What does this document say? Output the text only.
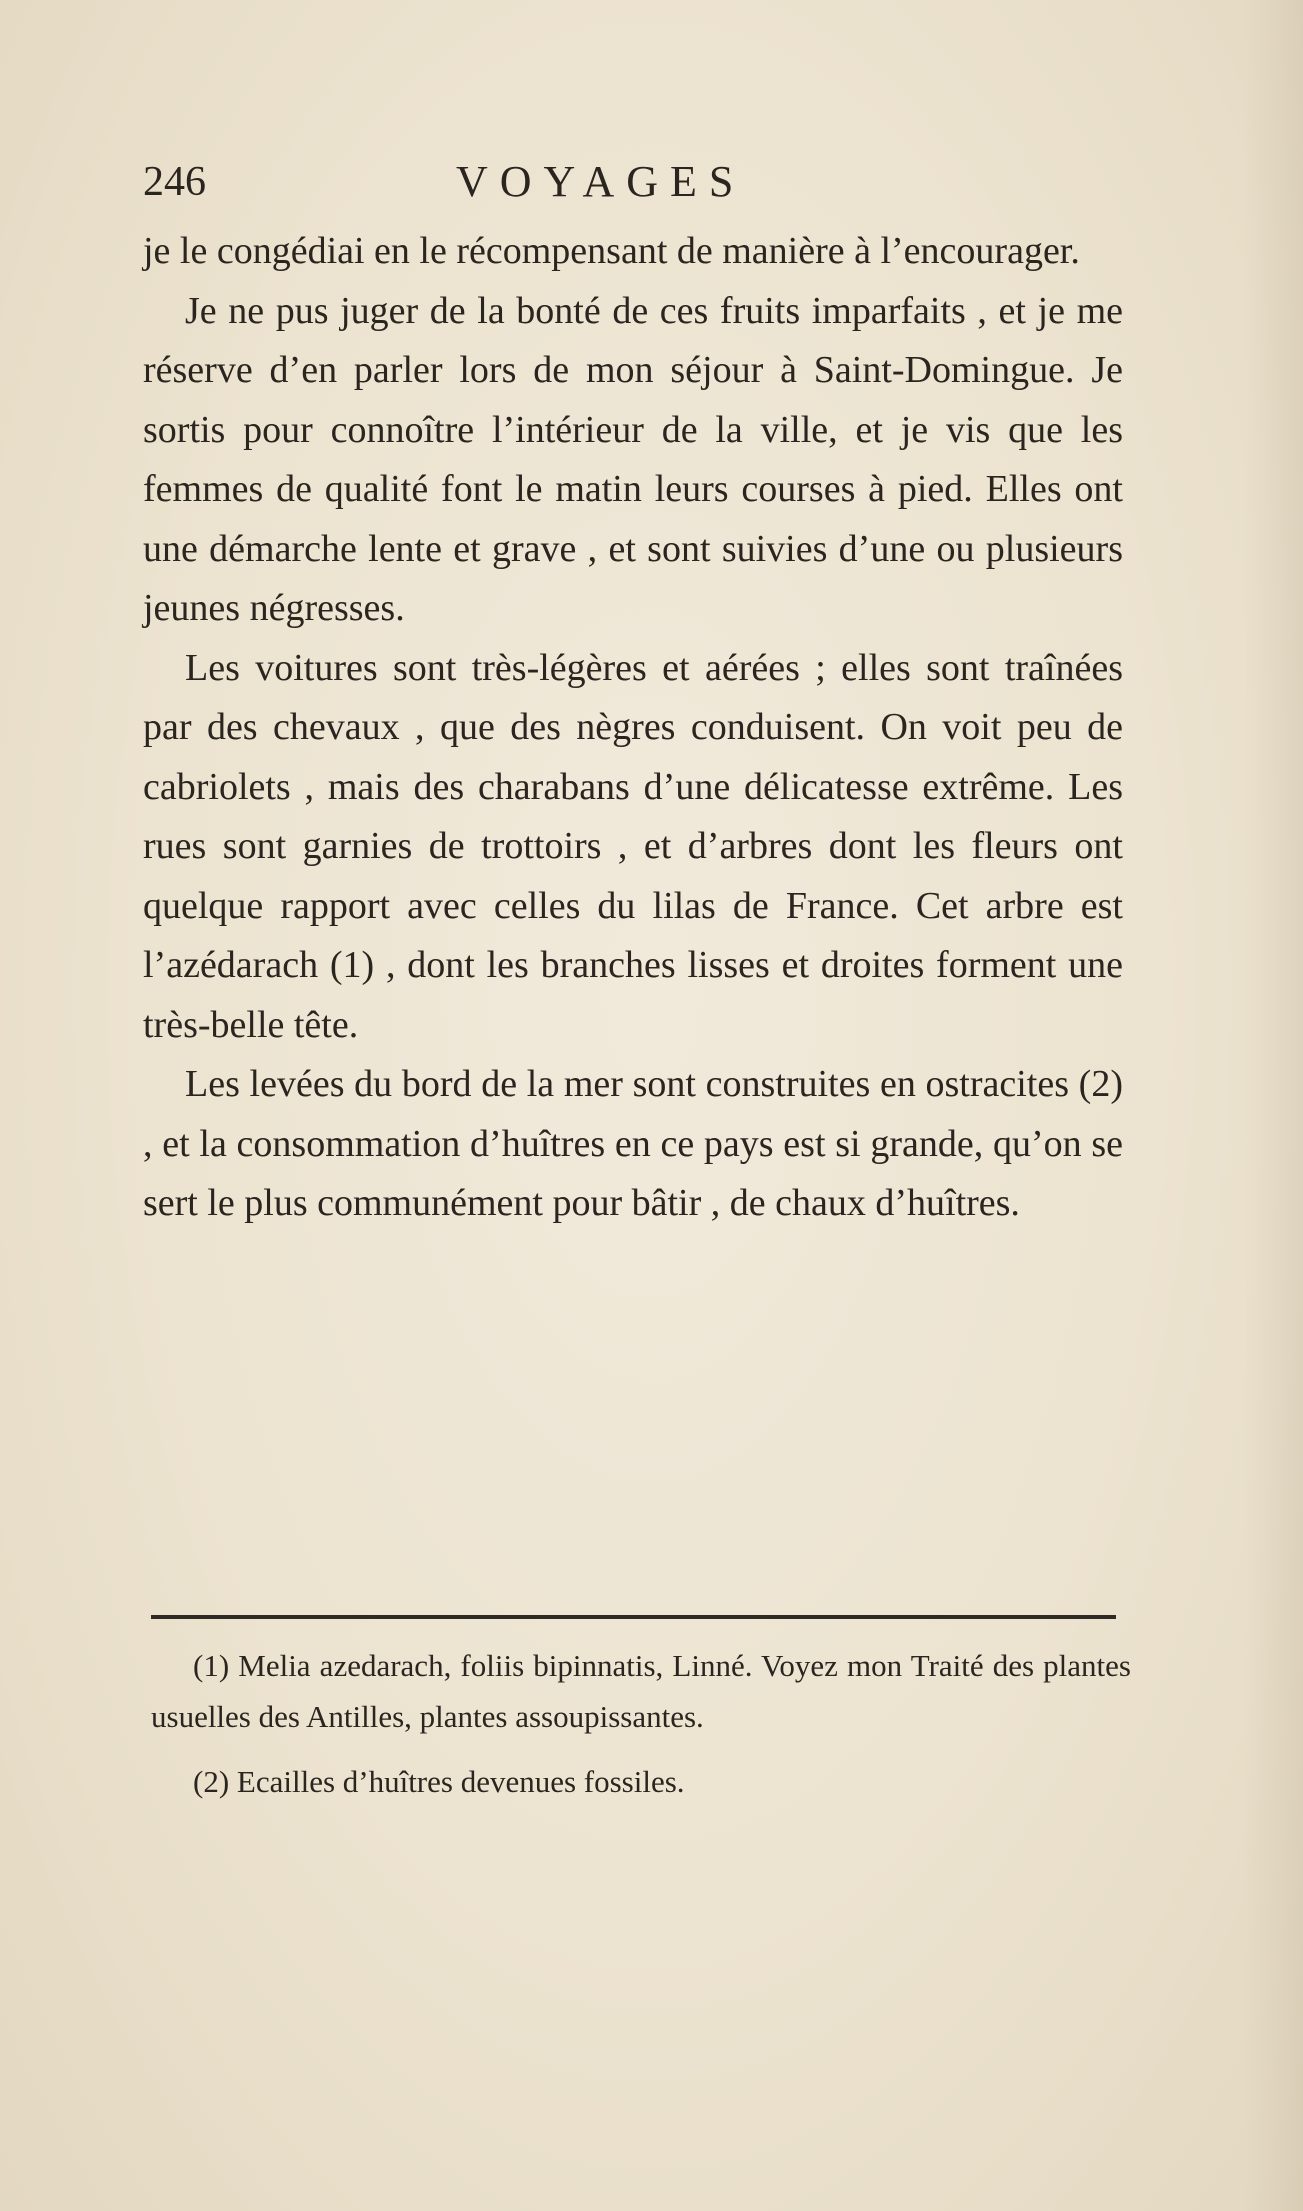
246	VOYAGES

je le congédiai en le récompensant de manière à l’encourager.

Je ne pus juger de la bonté de ces fruits imparfaits , et je me réserve d’en parler lors de mon séjour à Saint-Domingue. Je sortis pour connoître l’intérieur de la ville, et je vis que les femmes de qualité font le matin leurs courses à pied. Elles ont une démarche lente et grave , et sont suivies d’une ou plusieurs jeunes négresses.

Les voitures sont très-légères et aérées ; elles sont traînées par des chevaux , que des nègres conduisent. On voit peu de cabriolets , mais des charabans d’une délicatesse extrême. Les rues sont garnies de trottoirs , et d’arbres dont les fleurs ont quelque rapport avec celles du lilas de France. Cet arbre est l’azédarach (1) , dont les branches lisses et droites forment une très-belle tête.

Les levées du bord de la mer sont construites en ostracites (2) , et la consommation d’huîtres en ce pays est si grande, qu’on se sert le plus communément pour bâtir , de chaux d’huîtres.

(1) Melia azedarach, foliis bipinnatis, Linné. Voyez mon Traité des plantes usuelles des Antilles, plantes assoupissantes.

(2) Ecailles d’huîtres devenues fossiles.
